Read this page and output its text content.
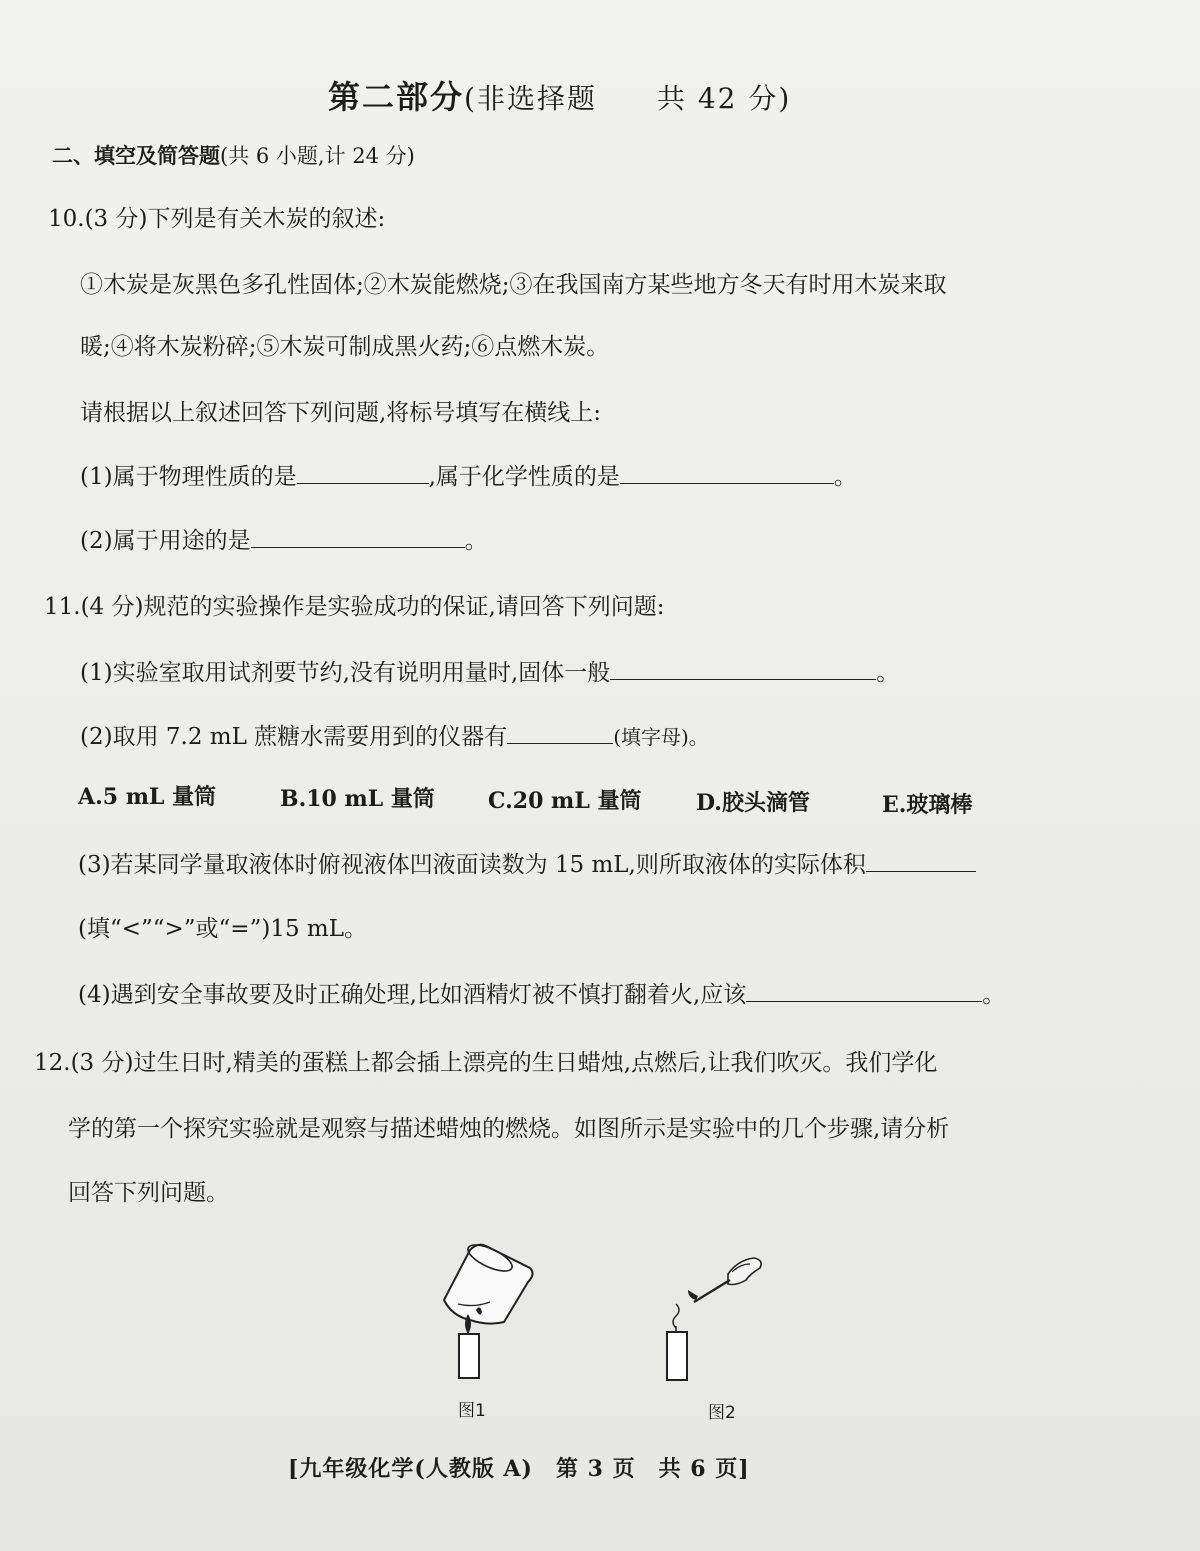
第二部分(非选择题　　共 42 分)
二、填空及简答题(共 6 小题,计 24 分)
10.(3 分)下列是有关木炭的叙述:
①木炭是灰黑色多孔性固体;②木炭能燃烧;③在我国南方某些地方冬天有时用木炭来取
暖;④将木炭粉碎;⑤木炭可制成黑火药;⑥点燃木炭。
请根据以上叙述回答下列问题,将标号填写在横线上:
(1)属于物理性质的是	,属于化学性质的是	。
(2)属于用途的是	。
11.(4 分)规范的实验操作是实验成功的保证,请回答下列问题:
(1)实验室取用试剂要节约,没有说明用量时,固体一般	。
(2)取用 7.2 mL 蔗糖水需要用到的仪器有	(填字母)。
A.5 mL 量筒	B.10 mL 量筒 C.20 mL 量筒 D.胶头滴管	E.玻璃棒
(3)若某同学量取液体时俯视液体凹液面读数为 15 mL,则所取液体的实际体积
(填“<”“>”或“=”)15 mL。
(4)遇到安全事故要及时正确处理,比如酒精灯被不慎打翻着火,应该	。
12.(3 分)过生日时,精美的蛋糕上都会插上漂亮的生日蜡烛,点燃后,让我们吹灭。我们学化
学的第一个探究实验就是观察与描述蜡烛的燃烧。如图所示是实验中的几个步骤,请分析
回答下列问题。
图1	图2
[九年级化学(人教版 A)　第 3 页　共 6 页]
